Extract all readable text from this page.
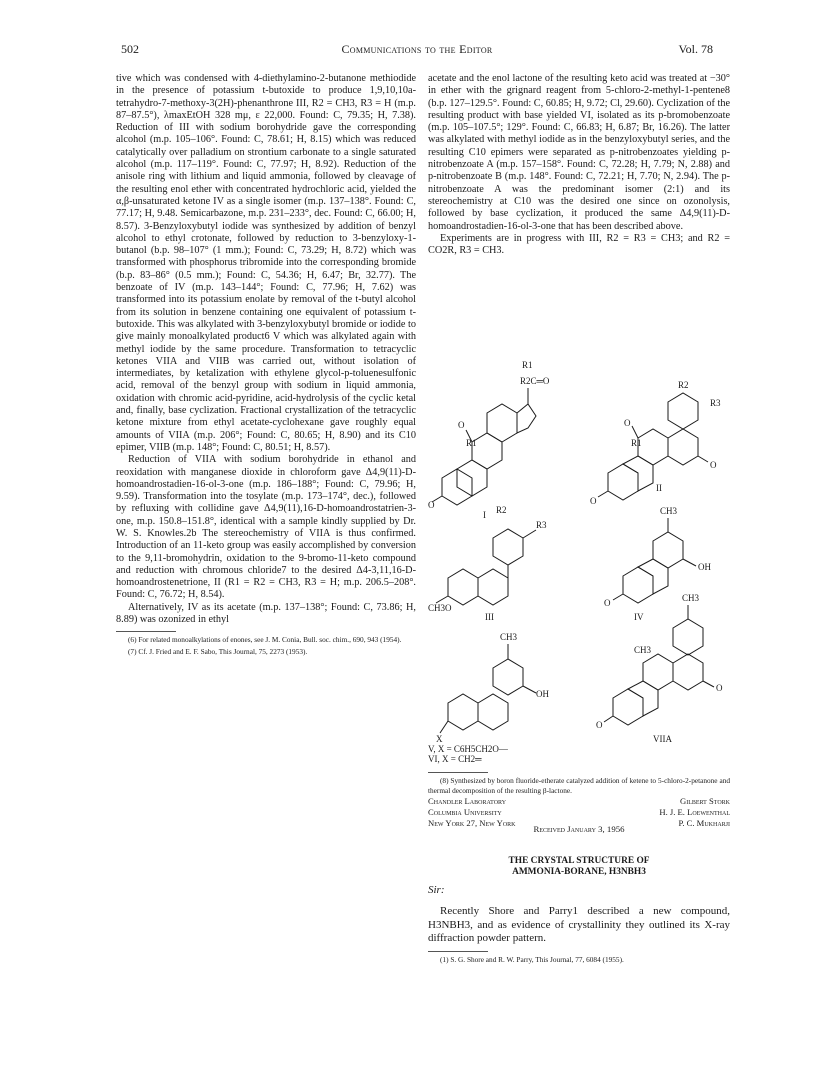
502	Communications to the Editor	Vol. 78

tive which was condensed with 4-diethylamino-2-butanone methiodide in the presence of potassium t-butoxide to produce 1,9,10,10a-tetrahydro-7-methoxy-3(2H)-phenanthrone III, R2 = CH3, R3 = H (m.p. 87–87.5°), λmaxEtOH 328 mμ, ε 22,000. Found: C, 79.35; H, 7.38). Reduction of III with sodium borohydride gave the corresponding alcohol (m.p. 105–106°. Found: C, 78.61; H, 8.15) which was reduced catalytically over palladium on strontium carbonate to a single saturated alcohol (m.p. 117–119°. Found: C, 77.97; H, 8.92). Reduction of the anisole ring with lithium and liquid ammonia, followed by cleavage of the resulting enol ether with concentrated hydrochloric acid, yielded the α,β-unsaturated ketone IV as a single isomer (m.p. 137–138°. Found: C, 77.17; H, 9.48. Semicarbazone, m.p. 231–233°, dec. Found: C, 66.00; H, 8.57). 3-Benzyloxybutyl iodide was synthesized by addition of benzyl alcohol to ethyl crotonate, followed by reduction to 3-benzyloxy-1-butanol (b.p. 98–107° (1 mm.); Found: C, 73.29; H, 8.72) which was transformed with phosphorus tribromide into the corresponding bromide (b.p. 83–86° (0.5 mm.); Found: C, 54.36; H, 6.47; Br, 32.77). The benzoate of IV (m.p. 143–144°; Found: C, 77.96; H, 7.62) was transformed into its potassium enolate by removal of the t-butyl alcohol from its solution in benzene containing one equivalent of potassium t-butoxide. This was alkylated with 3-benzyloxybutyl bromide or iodide to give mainly monoalkylated product6 V which was alkylated again with methyl iodide by the same procedure. Transformation to tetracyclic ketones VIIA and VIIB was carried out, without isolation of intermediates, by ketalization with ethylene glycol-p-toluenesulfonic acid, removal of the benzyl group with sodium in liquid ammonia, oxidation with chromic acid-pyridine, acid-hydrolysis of the cyclic ketal and, finally, base cyclization. Fractional crystallization of the tetracyclic ketone mixture from ethyl acetate-cyclohexane gave roughly equal amounts of VIIA (m.p. 206°; Found: C, 80.65; H, 8.90) and its C10 epimer, VIIB (m.p. 148°; Found: C, 80.51; H, 8.57).

Reduction of VIIA with sodium borohydride in ethanol and reoxidation with manganese dioxide in chloroform gave Δ4,9(11)-D-homoandrostadien-16-ol-3-one (m.p. 186–188°; Found: C, 79.96; H, 9.59). Transformation into the tosylate (m.p. 173–174°, dec.), followed by refluxing with collidine gave Δ4,9(11),16-D-homoandrostatrien-3-one, m.p. 150.8–151.8°, identical with a sample kindly supplied by Dr. W. S. Knowles.2b The stereochemistry of VIIA is thus confirmed. Introduction of an 11-keto group was easily accomplished by conversion to the 9,11-bromohydrin, oxidation to the 9-bromo-11-keto compound and reduction with chromous chloride7 to the desired Δ4-3,11,16-D-homoandrostenetrione, II (R1 = R2 = CH3, R3 = H; m.p. 206.5–208°. Found: C, 76.72; H, 8.54).

Alternatively, IV as its acetate (m.p. 137–138°; Found: C, 73.86; H, 8.89) was ozonized in ethyl

(6) For related monoalkylations of enones, see J. M. Conia, Bull. soc. chim., 690, 943 (1954).

(7) Cf. J. Fried and E. F. Sabo, This Journal, 75, 2273 (1953).

acetate and the enol lactone of the resulting keto acid was treated at −30° in ether with the grignard reagent from 5-chloro-2-methyl-1-pentene8 (b.p. 127–129.5°. Found: C, 60.85; H, 9.72; Cl, 29.60). Cyclization of the resulting product with base yielded VI, isolated as its p-bromobenzoate (m.p. 105–107.5°; 129°. Found: C, 66.83; H, 6.87; Br, 16.26). The latter was alkylated with methyl iodide as in the benzyloxybutyl series, and the resulting C10 epimers were separated as p-nitrobenzoates yielding p-nitrobenzoate A (m.p. 157–158°. Found: C, 72.28; H, 7.79; N, 2.88) and p-nitrobenzoate B (m.p. 148°. Found: C, 72.21; H, 7.70; N, 2.94). The p-nitrobenzoate A was the predominant isomer (2:1) and its stereochemistry at C10 was the desired one since on ozonolysis, followed by base cyclization, it produced the same Δ4,9(11)-D-homoandrostadien-16-ol-3-one that has been described above.

Experiments are in progress with III, R2 = R3 = CH3; and R2 = CO2R, R3 = CH3.

R2C═O
R1
O
R1
O
I
R2
R3
O
R1
O
O
II
R2
R3
CH3O
III
CH3
OH
O
IV
CH3
OH
X
V, X = C6H5CH2O—
VI, X = CH2═
CH3
CH3
O
O
VIIA

(8) Synthesized by boron fluoride-etherate catalyzed addition of ketene to 5-chloro-2-petanone and thermal decomposition of the resulting β-lactone.

Chandler Laboratory
Columbia University
New York 27, New York
Gilbert Stork
H. J. E. Loewenthal
P. C. Mukharji
Received January 3, 1956
THE CRYSTAL STRUCTURE OF
AMMONIA-BORANE, H3NBH3
Sir:

Recently Shore and Parry1 described a new compound, H3NBH3, and as evidence of crystallinity they outlined its X-ray diffraction powder pattern.

(1) S. G. Shore and R. W. Parry, This Journal, 77, 6084 (1955).
